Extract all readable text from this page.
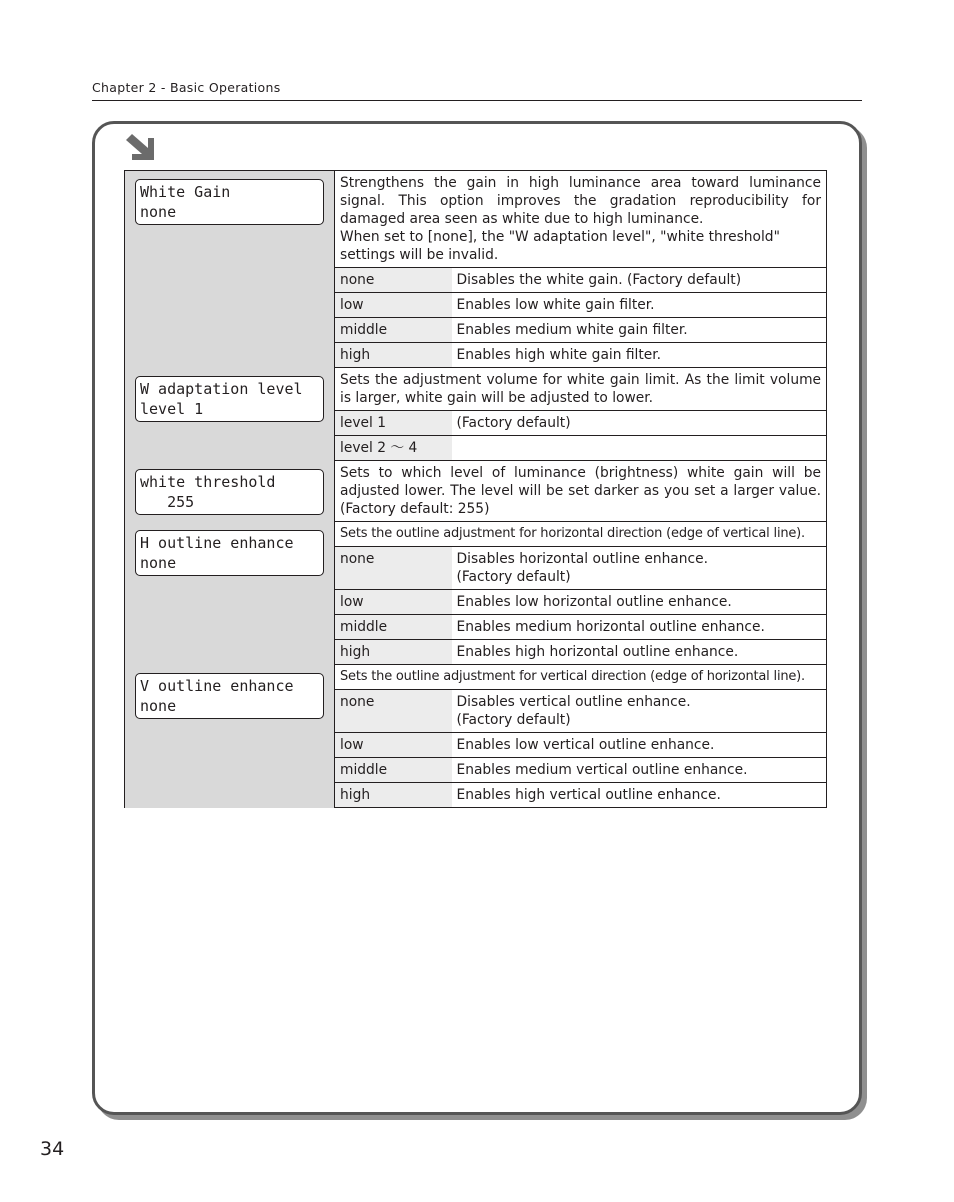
Chapter 2 - Basic Operations
White Gain
none	Strengthens the gain in high luminance area toward luminance signal. This option improves the gradation reproducibility for damaged area seen as white due to high luminance.

When set to [none], the "W adaptation level", "white threshold" settings will be invalid.	

	none	Disables the white gain. (Factory default)
	low	Enables low white gain filter.
	middle	Enables medium white gain filter.
	high	Enables high white gain filter.

W adaptation level
level 1	Sets the adjustment volume for white gain limit. As the limit volume is larger, white gain will be adjusted to lower.	
	level 1	(Factory default)
	level 2 ～ 4	

white threshold
255	Sets to which level of luminance (brightness) white gain will be adjusted lower. The level will be set darker as you set a larger value. (Factory default: 255)	

H outline enhance
none	Sets the outline adjustment for horizontal direction (edge of vertical line).	
	none	Disables horizontal outline enhance.
(Factory default)
	low	Enables low horizontal outline enhance.
	middle	Enables medium horizontal outline enhance.
	high	Enables high horizontal outline enhance.

V outline enhance
none	Sets the outline adjustment for vertical direction (edge of horizontal line).	
	none	Disables vertical outline enhance.
(Factory default)
	low	Enables low vertical outline enhance.
	middle	Enables medium vertical outline enhance.
	high	Enables high vertical outline enhance.
34
